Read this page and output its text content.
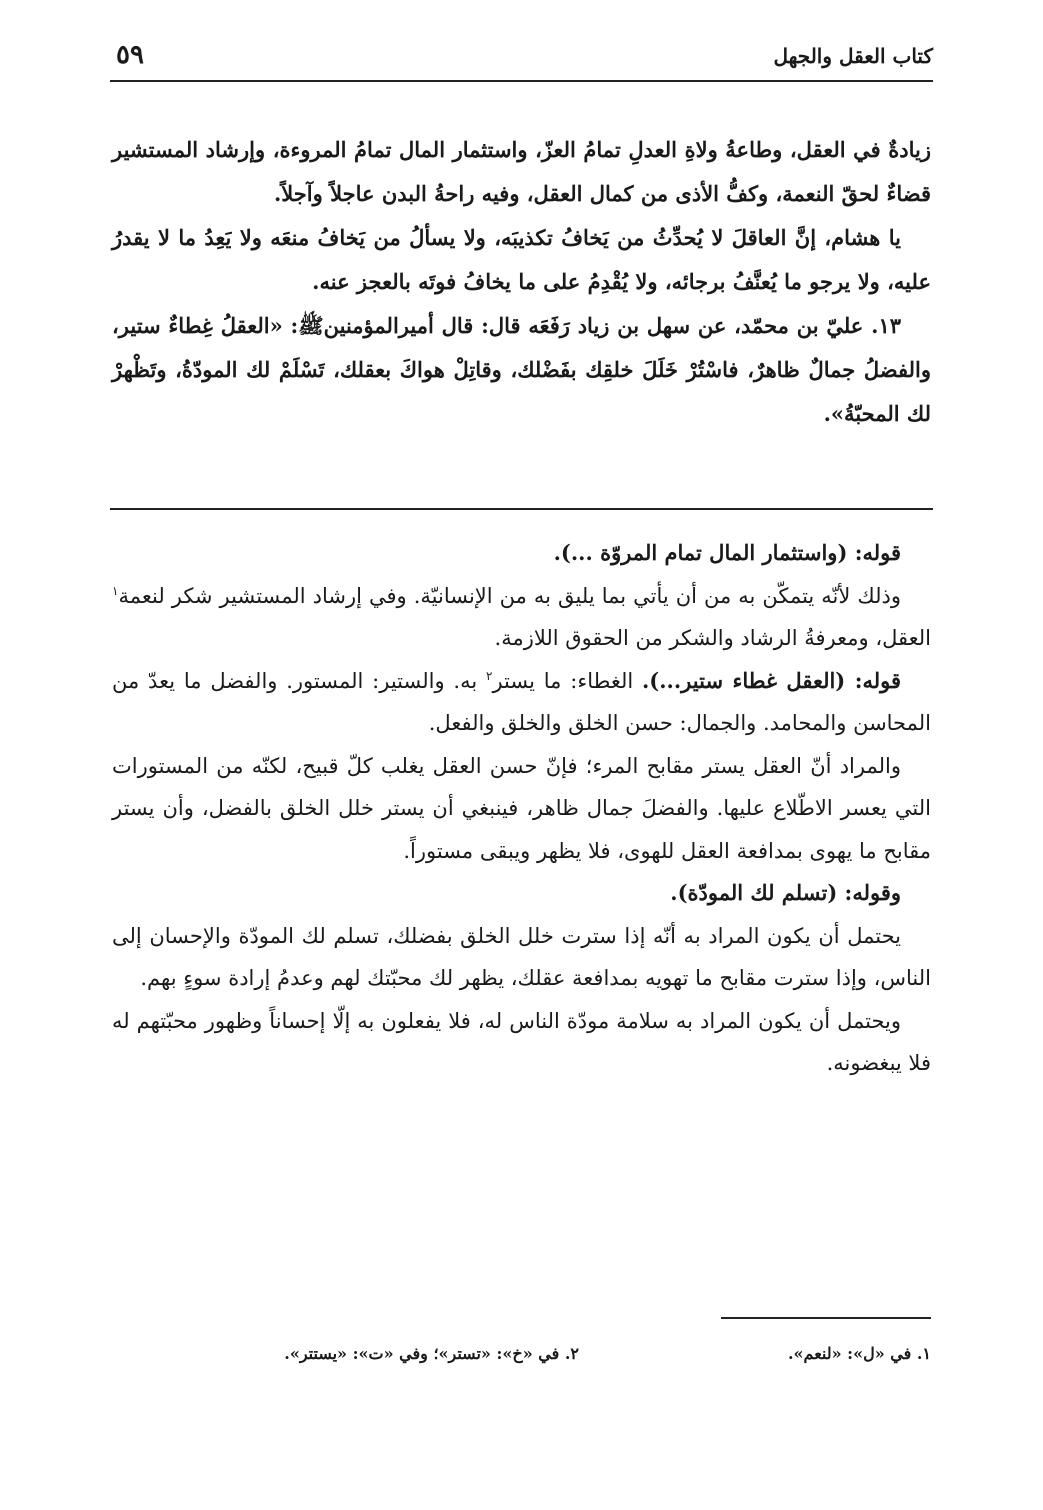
كتاب العقل والجهل
٥٩

زيادةٌ في العقل، وطاعةُ ولاةِ العدلِ تمامُ العزّ، واستثمار المال تمامُ المروءة، وإرشاد المستشير قضاءٌ لحقّ النعمة، وكفُّ الأذى من كمال العقل، وفيه راحةُ البدن عاجلاً وآجلاً.

يا هشام، إنَّ العاقلَ لا يُحدِّثُ من يَخافُ تكذيبَه، ولا يسألُ من يَخافُ منعَه ولا يَعِدُ ما لا يقدرُ عليه، ولا يرجو ما يُعنَّفُ برجائه، ولا يُقْدِمُ على ما يخافُ فوتَه بالعجز عنه.

١٣. عليّ بن محمّد، عن سهل بن زياد رَفَعَه قال: قال أميرالمؤمنينﷺ: «العقلُ غِطاءٌ ستير، والفضلُ جمالٌ ظاهرٌ، فاسْتُرْ خَلَلَ خلقِك بفَضْلك، وقاتِلْ هواكَ بعقلك، تَسْلَمْ لك المودّةُ، وتَظْهرْ لك المحبّةُ».

قوله: (واستثمار المال تمام المروّة ...).

وذلك لأنّه يتمكّن به من أن يأتي بما يليق به من الإنسانيّة. وفي إرشاد المستشير شكر لنعمة$^١$ العقل، ومعرفةُ الرشاد والشكر من الحقوق اللازمة.

قوله: (العقل غطاء ستير...). الغطاء: ما يستر$^٢$ به. والستير: المستور. والفضل ما يعدّ من المحاسن والمحامد. والجمال: حسن الخلق والخلق والفعل.

والمراد أنّ العقل يستر مقابح المرء؛ فإنّ حسن العقل يغلب كلّ قبيح، لكنّه من المستورات التي يعسر الاطّلاع عليها. والفضلَ جمال ظاهر، فينبغي أن يستر خلل الخلق بالفضل، وأن يستر مقابح ما يهوى بمدافعة العقل للهوى، فلا يظهر ويبقى مستوراً.

وقوله: (تسلم لك المودّة).

يحتمل أن يكون المراد به أنّه إذا سترت خلل الخلق بفضلك، تسلم لك المودّة والإحسان إلى الناس، وإذا سترت مقابح ما تهويه بمدافعة عقلك، يظهر لك محبّتك لهم وعدمُ إرادة سوءٍ بهم.

ويحتمل أن يكون المراد به سلامة مودّة الناس له، فلا يفعلون به إلّا إحساناً وظهور محبّتهم له فلا يبغضونه.

١. في «ل»: «لنعم».
٢. في «خ»: «تستر»؛ وفي «ت»: «يستتر».
